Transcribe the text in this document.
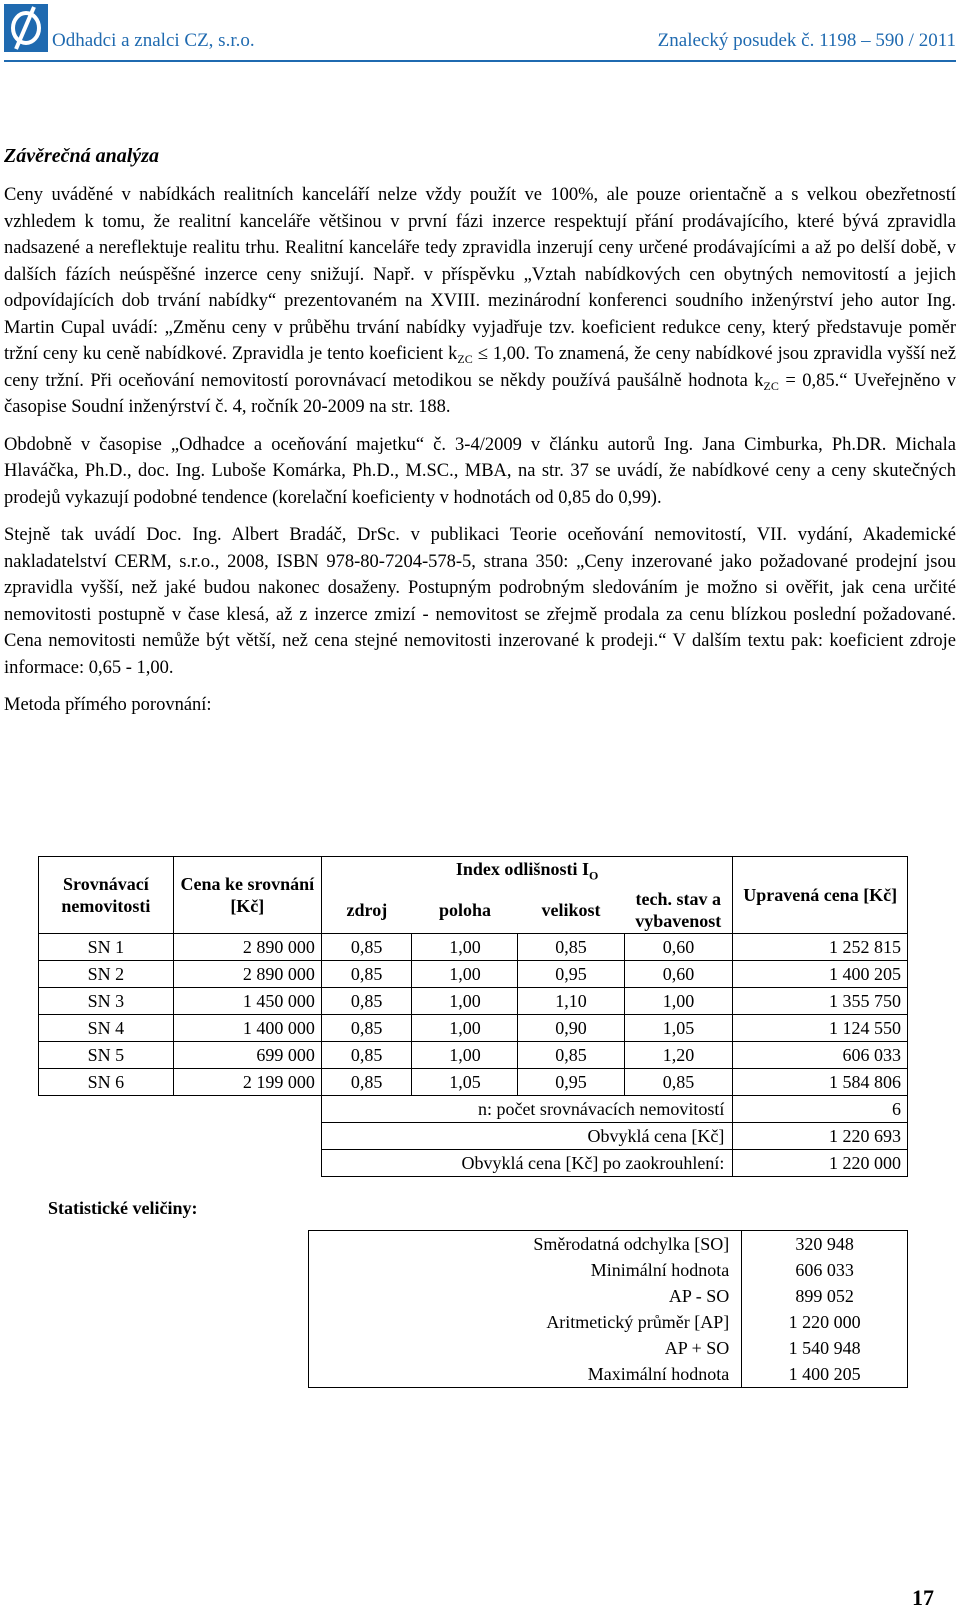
Odhadci a znalci CZ, s.r.o.	Znalecký posudek č. 1198 – 590 / 2011
Závěrečná analýza

Ceny uváděné v nabídkách realitních kanceláří nelze vždy použít ve 100%, ale pouze orientačně a s velkou obezřetností vzhledem k tomu, že realitní kanceláře většinou v první fázi inzerce respektují přání prodávajícího, které bývá zpravidla nadsazené a nereflektuje realitu trhu. Realitní kanceláře tedy zpravidla inzerují ceny určené prodávajícími a až po delší době, v dalších fázích neúspěšné inzerce ceny snižují. Např. v příspěvku „Vztah nabídkových cen obytných nemovitostí a jejich odpovídajících dob trvání nabídky“ prezentovaném na XVIII. mezinárodní konferenci soudního inženýrství jeho autor Ing. Martin Cupal uvádí: „Změnu ceny v průběhu trvání nabídky vyjadřuje tzv. koeficient redukce ceny, který představuje poměr tržní ceny ku ceně nabídkové. Zpravidla je tento koeficient $k_{ZC} \le 1,00$. To znamená, že ceny nabídkové jsou zpravidla vyšší než ceny tržní. Při oceňování nemovitostí porovnávací metodikou se někdy používá paušálně hodnota $k_{ZC}$ = 0,85.“ Uveřejněno v časopise Soudní inženýrství č. 4, ročník 20-2009 na str. 188.

Obdobně v časopise „Odhadce a oceňování majetku“ č. 3-4/2009 v článku autorů Ing. Jana Cimburka, Ph.DR. Michala Hlaváčka, Ph.D., doc. Ing. Luboše Komárka, Ph.D., M.SC., MBA, na str. 37 se uvádí, že nabídkové ceny a ceny skutečných prodejů vykazují podobné tendence (korelační koeficienty v hodnotách od 0,85 do 0,99).

Stejně tak uvádí Doc. Ing. Albert Bradáč, DrSc. v publikaci Teorie oceňování nemovitostí, VII. vydání, Akademické nakladatelství CERM, s.r.o., 2008, ISBN 978-80-7204-578-5, strana 350: „Ceny inzerované jako požadované prodejní jsou zpravidla vyšší, než jaké budou nakonec dosaženy. Postupným podrobným sledováním je možno si ověřit, jak cena určité nemovitosti postupně v čase klesá, až z inzerce zmizí - nemovitost se zřejmě prodala za cenu blízkou poslední požadované. Cena nemovitosti nemůže být větší, než cena stejné nemovitosti inzerované k prodeji.“ V dalším textu pak: koeficient zdroje informace: 0,65 - 1,00.

Metoda přímého porovnání:
Srovnávací nemovitosti	Cena ke srovnání [Kč]	Index odlišnosti $I_O$				Upravená cena [Kč]
		zdroj	poloha	velikost	tech. stav a vybavenost	
SN 1	2 890 000	0,85	1,00	0,85	0,60	1 252 815
SN 2	2 890 000	0,85	1,00	0,95	0,60	1 400 205
SN 3	1 450 000	0,85	1,00	1,10	1,00	1 355 750
SN 4	1 400 000	0,85	1,00	0,90	1,05	1 124 550
SN 5	699 000	0,85	1,00	0,85	1,20	606 033
SN 6	2 199 000	0,85	1,05	0,95	0,85	1 584 806
		n: počet srovnávacích nemovitostí				6
		Obvyklá cena [Kč]				1 220 693
		Obvyklá cena [Kč] po zaokrouhlení:				1 220 000
Statistické veličiny:
Směrodatná odchylka [SO]	320 948
Minimální hodnota	606 033
AP - SO	899 052
Aritmetický průměr [AP]	1 220 000
AP + SO	1 540 948
Maximální hodnota	1 400 205
17
